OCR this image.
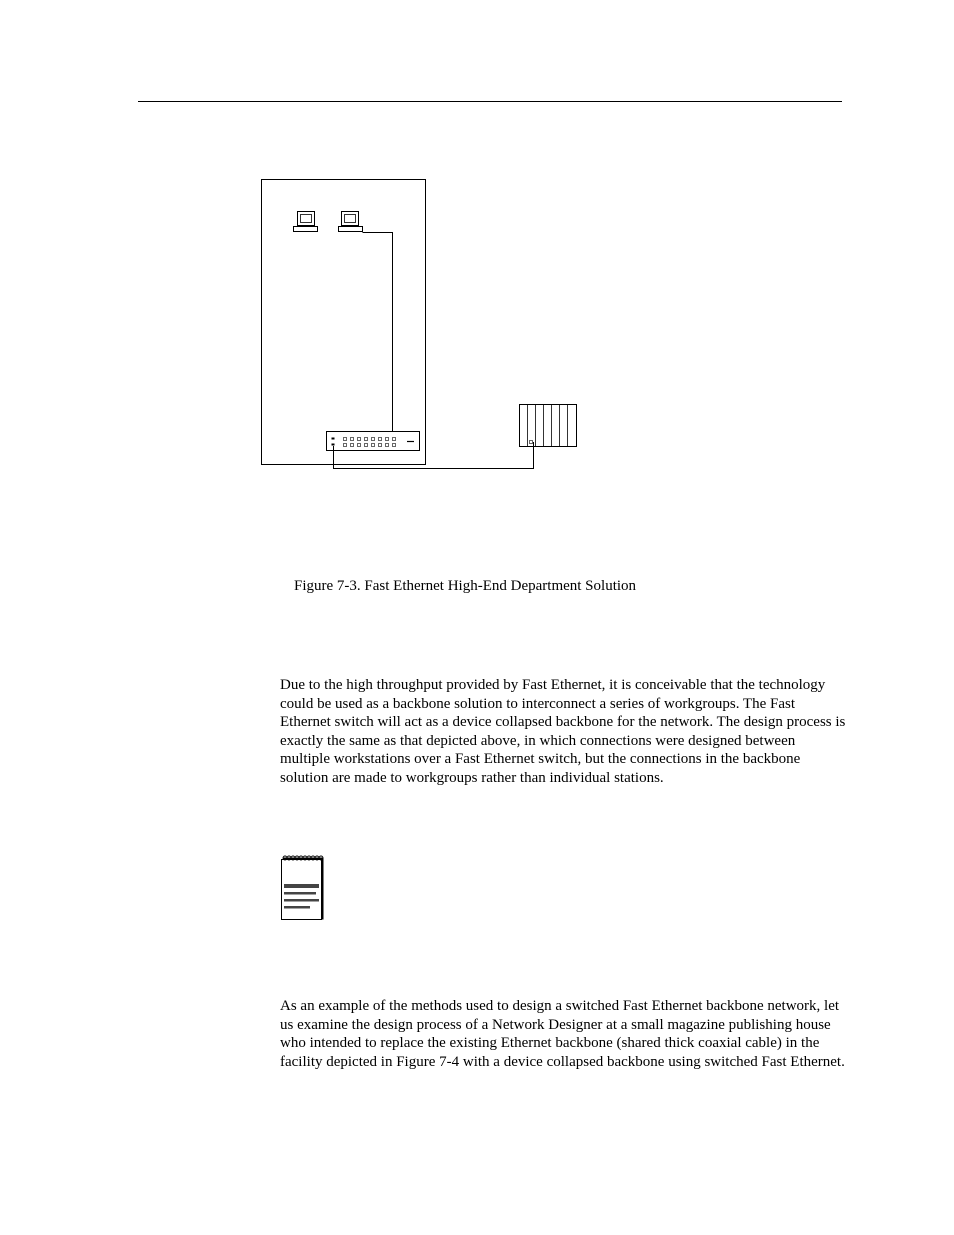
Figure 7-3. Fast Ethernet High-End Department Solution

Due to the high throughput provided by Fast Ethernet, it is conceivable that the technology could be used as a backbone solution to interconnect a series of workgroups. The Fast Ethernet switch will act as a device collapsed backbone for the network. The design process is exactly the same as that depicted above, in which connections were designed between multiple workstations over a Fast Ethernet switch, but the connections in the backbone solution are made to workgroups rather than individual stations.

As an example of the methods used to design a switched Fast Ethernet backbone network, let us examine the design process of a Network Designer at a small magazine publishing house who intended to replace the existing Ethernet backbone (shared thick coaxial cable) in the facility depicted in Figure 7-4 with a device collapsed backbone using switched Fast Ethernet.
